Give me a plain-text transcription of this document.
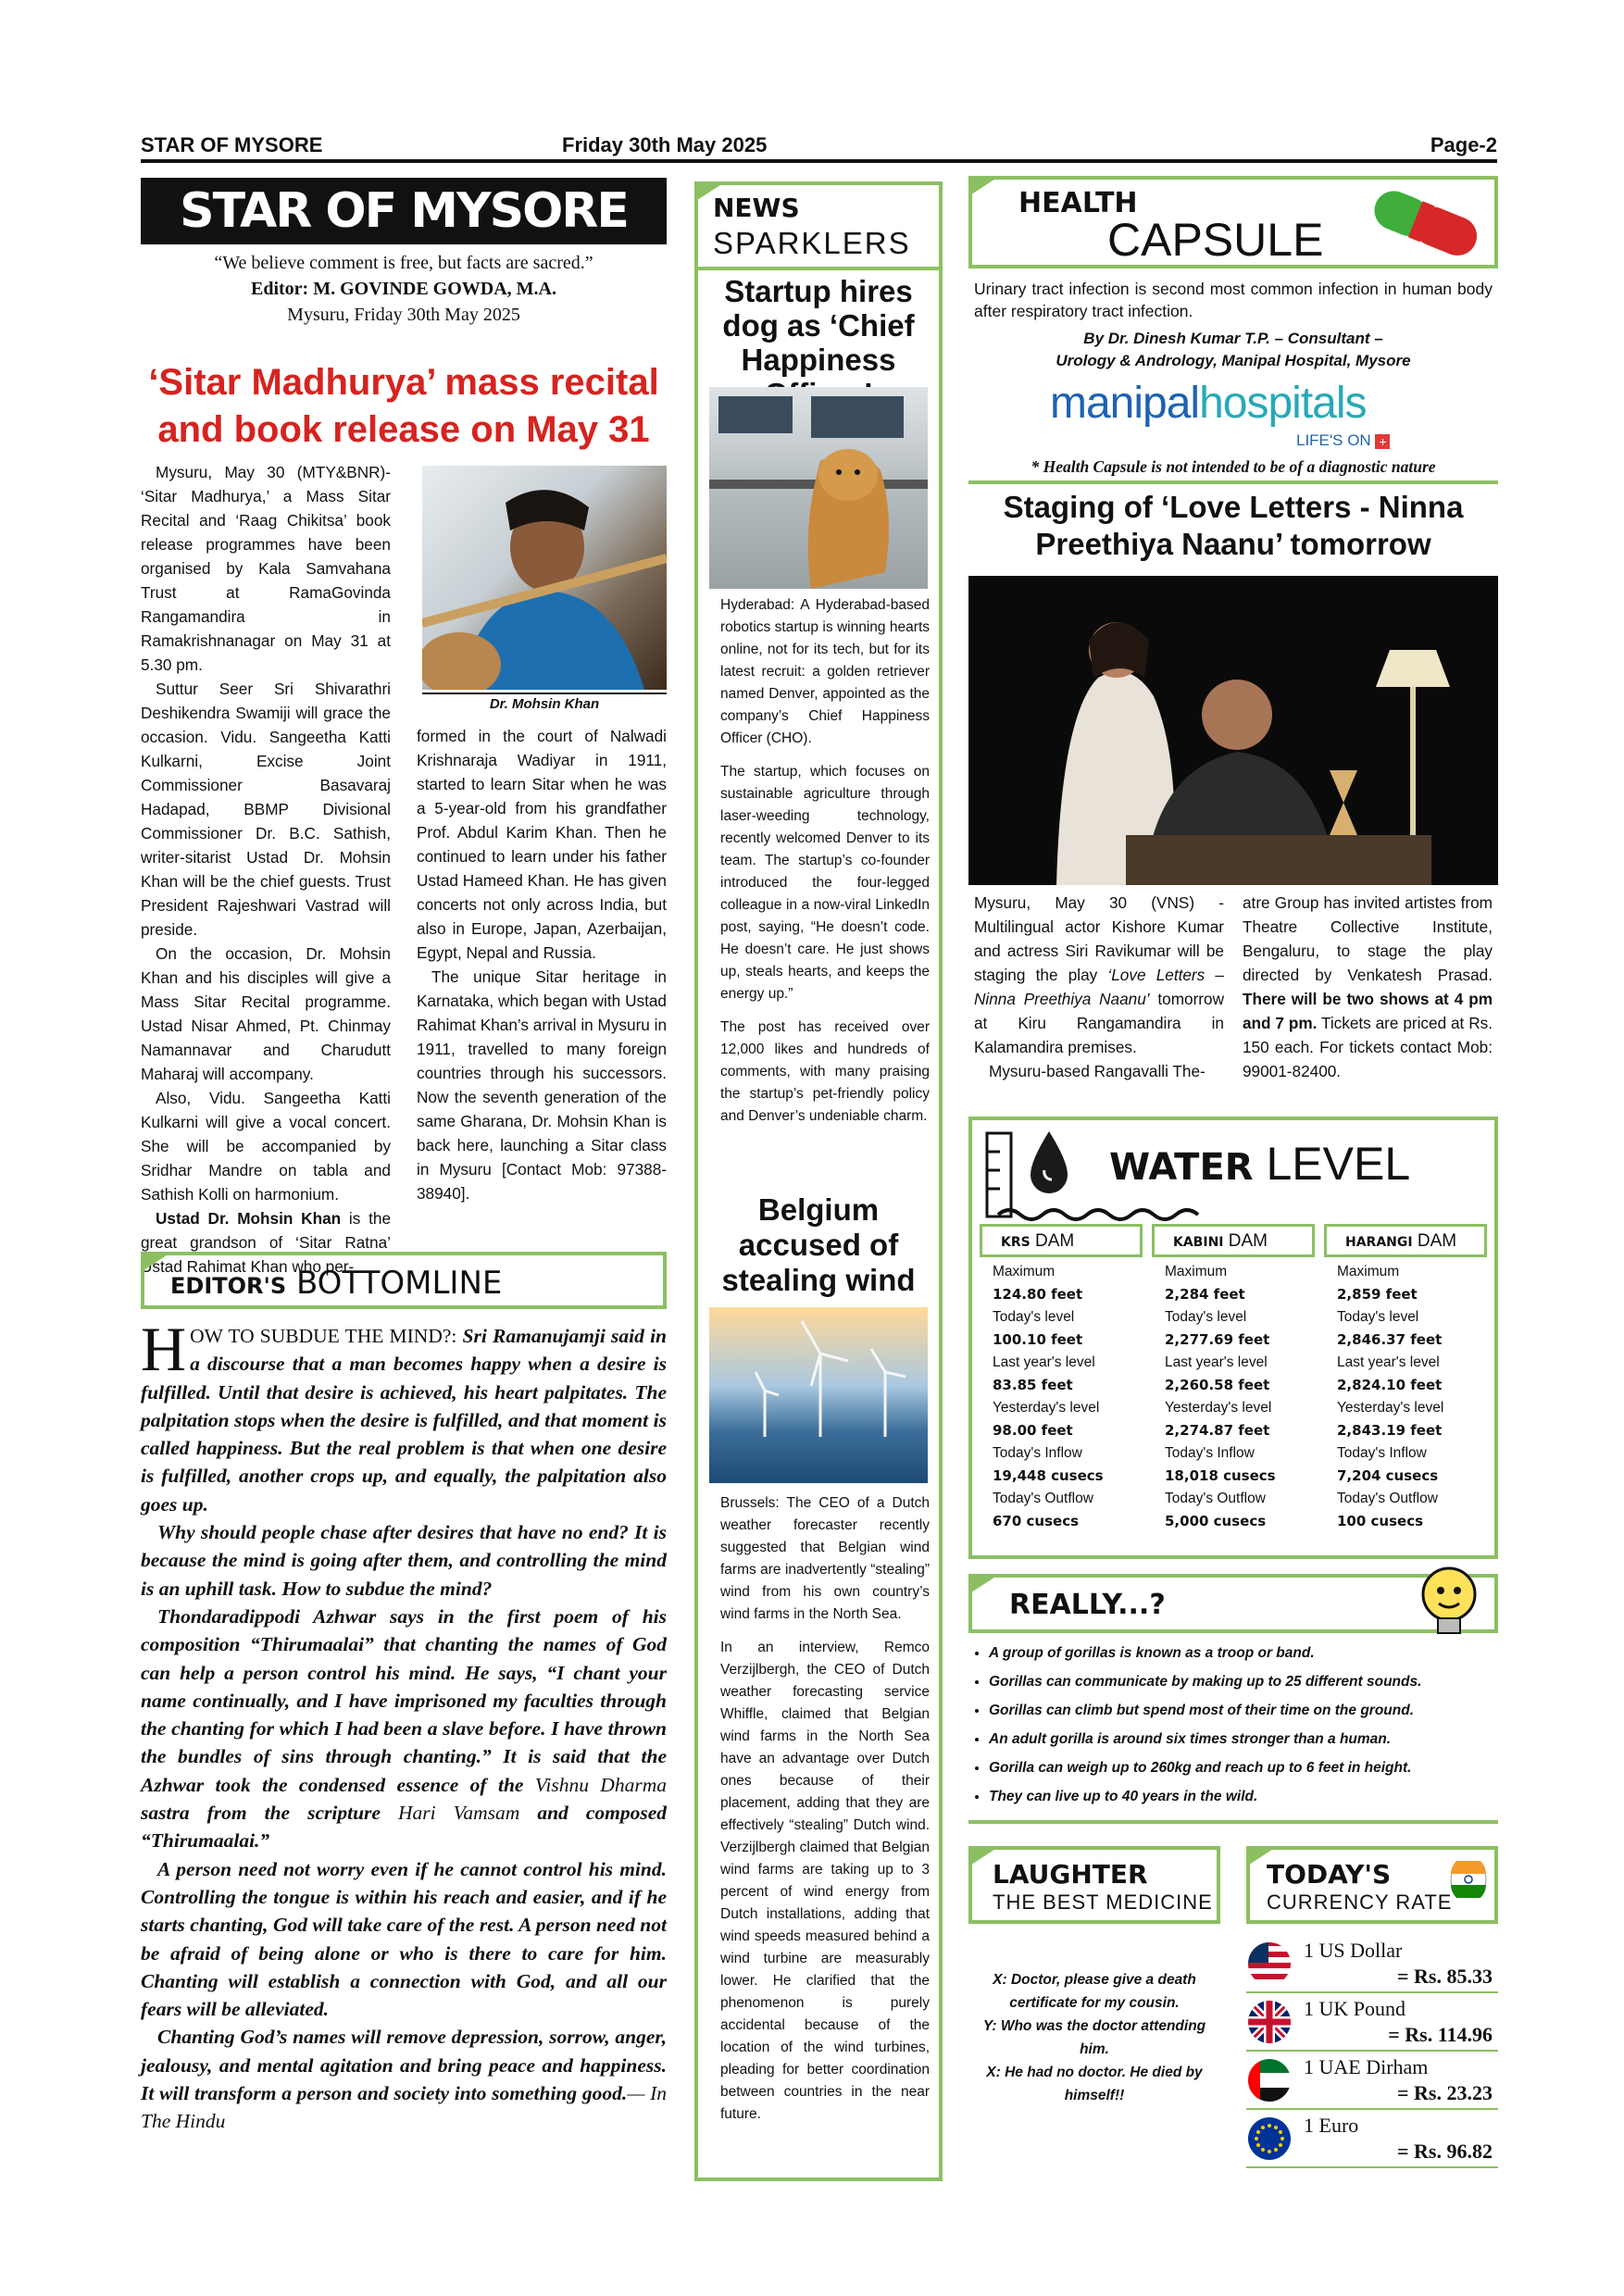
STAR OF MYSORE	Friday 30th May 2025	Page-2
STAR OF MYSORE
“We believe comment is free, but facts are sacred.”
Editor: M. GOVINDE GOWDA, M.A.
Mysuru, Friday 30th May 2025
‘Sitar Madhurya’ mass recital and book release on May 31
Dr. Mohsin Khan

Mysuru, May 30 (MTY&BNR)- ‘Sitar Madhurya,’ a Mass Sitar Recital and ‘Raag Chikitsa’ book release programmes have been organised by Kala Samvahana Trust at RamaGovinda Rangamandira in Ramakrishnanagar on May 31 at 5.30 pm.

Suttur Seer Sri Shivarathri Deshikendra Swamiji will grace the occasion. Vidu. Sangeetha Katti Kulkarni, Excise Joint Commissioner Basavaraj Hadapad, BBMP Divisional Commissioner Dr. B.C. Sathish, writer-sitarist Ustad Dr. Mohsin Khan will be the chief guests. Trust President Rajeshwari Vastrad will preside.

On the occasion, Dr. Mohsin Khan and his disciples will give a Mass Sitar Recital programme. Ustad Nisar Ahmed, Pt. Chinmay Namannavar and Charudutt Maharaj will accompany.

Also, Vidu. Sangeetha Katti Kulkarni will give a vocal concert. She will be accompanied by Sridhar Mandre on tabla and Sathish Kolli on harmonium.

Ustad Dr. Mohsin Khan is the great grandson of ‘Sitar Ratna’ Ustad Rahimat Khan who per-

formed in the court of Nalwadi Krishnaraja Wadiyar in 1911, started to learn Sitar when he was a 5-year-old from his grandfather Prof. Abdul Karim Khan. Then he continued to learn under his father Ustad Hameed Khan. He has given concerts not only across India, but also in Europe, Japan, Azerbaijan, Egypt, Nepal and Russia.

The unique Sitar heritage in Karnataka, which began with Ustad Rahimat Khan’s arrival in Mysuru in 1911, travelled to many foreign countries through his successors. Now the seventh generation of the same Gharana, Dr. Mohsin Khan is back here, launching a Sitar class in Mysuru [Contact Mob: 97388-38940].

EDITOR'S BOTTOMLINE

HOW TO SUBDUE THE MIND?: Sri Ramanujamji said in a discourse that a man becomes happy when a desire is fulfilled. Until that desire is achieved, his heart palpitates. The palpitation stops when the desire is fulfilled, and that moment is called happiness. But the real problem is that when one desire is fulfilled, another crops up, and equally, the palpitation also goes up.

Why should people chase after desires that have no end? It is because the mind is going after them, and controlling the mind is an uphill task. How to subdue the mind?

Thondaradippodi Azhwar says in the first poem of his composition “Thirumaalai” that chanting the names of God can help a person control his mind. He says, “I chant your name continually, and I have imprisoned my faculties through the chanting for which I had been a slave before. I have thrown the bundles of sins through chanting.” It is said that the Azhwar took the condensed essence of the Vishnu Dharma sastra from the scripture Hari Vamsam and composed “Thirumaalai.”

A person need not worry even if he cannot control his mind. Controlling the tongue is within his reach and easier, and if he starts chanting, God will take care of the rest. A person need not be afraid of being alone or who is there to care for him. Chanting will establish a connection with God, and all our fears will be alleviated.

Chanting God’s names will remove depression, sorrow, anger, jealousy, and mental agitation and bring peace and happiness. It will transform a person and society into something good.— In The Hindu

NEWS
SPARKLERS
Startup hires dog as ‘Chief Happiness

Hyderabad: A Hyderabad-based robotics startup is winning hearts online, not for its tech, but for its latest recruit: a golden retriever named Denver, appointed as the company’s Chief Happiness Officer (CHO).

The startup, which focuses on sustainable agriculture through laser-weeding technology, recently welcomed Denver to its team. The startup’s co-founder introduced the four-legged colleague in a now-viral LinkedIn post, saying, “He doesn’t code. He doesn’t care. He just shows up, steals hearts, and keeps the energy up.”

The post has received over 12,000 likes and hundreds of comments, with many praising the startup’s pet-friendly policy and Denver’s undeniable charm.

Belgium accused of stealing wind

Brussels: The CEO of a Dutch weather forecaster recently suggested that Belgian wind farms are inadvertently “stealing” wind from his own country’s wind farms in the North Sea.

In an interview, Remco Verzijlbergh, the CEO of Dutch weather forecasting service Whiffle, claimed that Belgian wind farms in the North Sea have an advantage over Dutch ones because of their placement, adding that they are effectively “stealing” Dutch wind. Verzijlbergh claimed that Belgian wind farms are taking up to 3 percent of wind energy from Dutch installations, adding that wind speeds measured behind a wind turbine are measurably lower. He clarified that the phenomenon is purely accidental because of the location of the wind turbines, pleading for better coordination between countries in the near future.

HEALTH
CAPSULE
Urinary tract infection is second most common infection in human body after respiratory tract infection.
By Dr. Dinesh Kumar T.P. – Consultant –
Urology & Andrology, Manipal Hospital, Mysore
manipalhospitals
LIFE'S ON +
* Health Capsule is not intended to be of a diagnostic nature
Staging of ‘Love Letters - Ninna Preethiya Naanu’ tomorrow

Mysuru, May 30 (VNS) - Multilingual actor Kishore Kumar and actress Siri Ravikumar will be staging the play ‘Love Letters – Ninna Preethiya Naanu’ tomorrow at Kiru Rangamandira in Kalamandira premises.

Mysuru-based Rangavalli The-

atre Group has invited artistes from Theatre Collective Institute, Bengaluru, to stage the play directed by Venkatesh Prasad. There will be two shows at 4 pm and 7 pm. Tickets are priced at Rs. 150 each. For tickets contact Mob: 99001-82400.

WATER LEVEL
KRS DAM
Maximum
124.80 feet
Today's level
100.10 feet
Last year's level
83.85 feet
Yesterday's level
98.00 feet
Today's Inflow
19,448 cusecs
Today's Outflow
670 cusecs
KABINI DAM
Maximum
2,284 feet
Today's level
2,277.69 feet
Last year's level
2,260.58 feet
Yesterday's level
2,274.87 feet
Today's Inflow
18,018 cusecs
Today's Outflow
5,000 cusecs
HARANGI DAM
Maximum
2,859 feet
Today's level
2,846.37 feet
Last year's level
2,824.10 feet
Yesterday's level
2,843.19 feet
Today's Inflow
7,204 cusecs
Today's Outflow
100 cusecs
REALLY...?
• A group of gorillas is known as a troop or band.
• Gorillas can communicate by making up to 25 different sounds.
• Gorillas can climb but spend most of their time on the ground.
• An adult gorilla is around six times stronger than a human.
• Gorilla can weigh up to 260kg and reach up to 6 feet in height.
• They can live up to 40 years in the wild.
LAUGHTER
THE BEST MEDICINE
X: Doctor, please give a death certificate for my cousin.
Y: Who was the doctor attending him.
X: He had no doctor. He died by himself!!
TODAY'S
CURRENCY RATE
1 US Dollar
= Rs. 85.33
1 UK Pound
= Rs. 114.96
1 UAE Dirham
= Rs. 23.23
1 Euro
= Rs. 96.82
